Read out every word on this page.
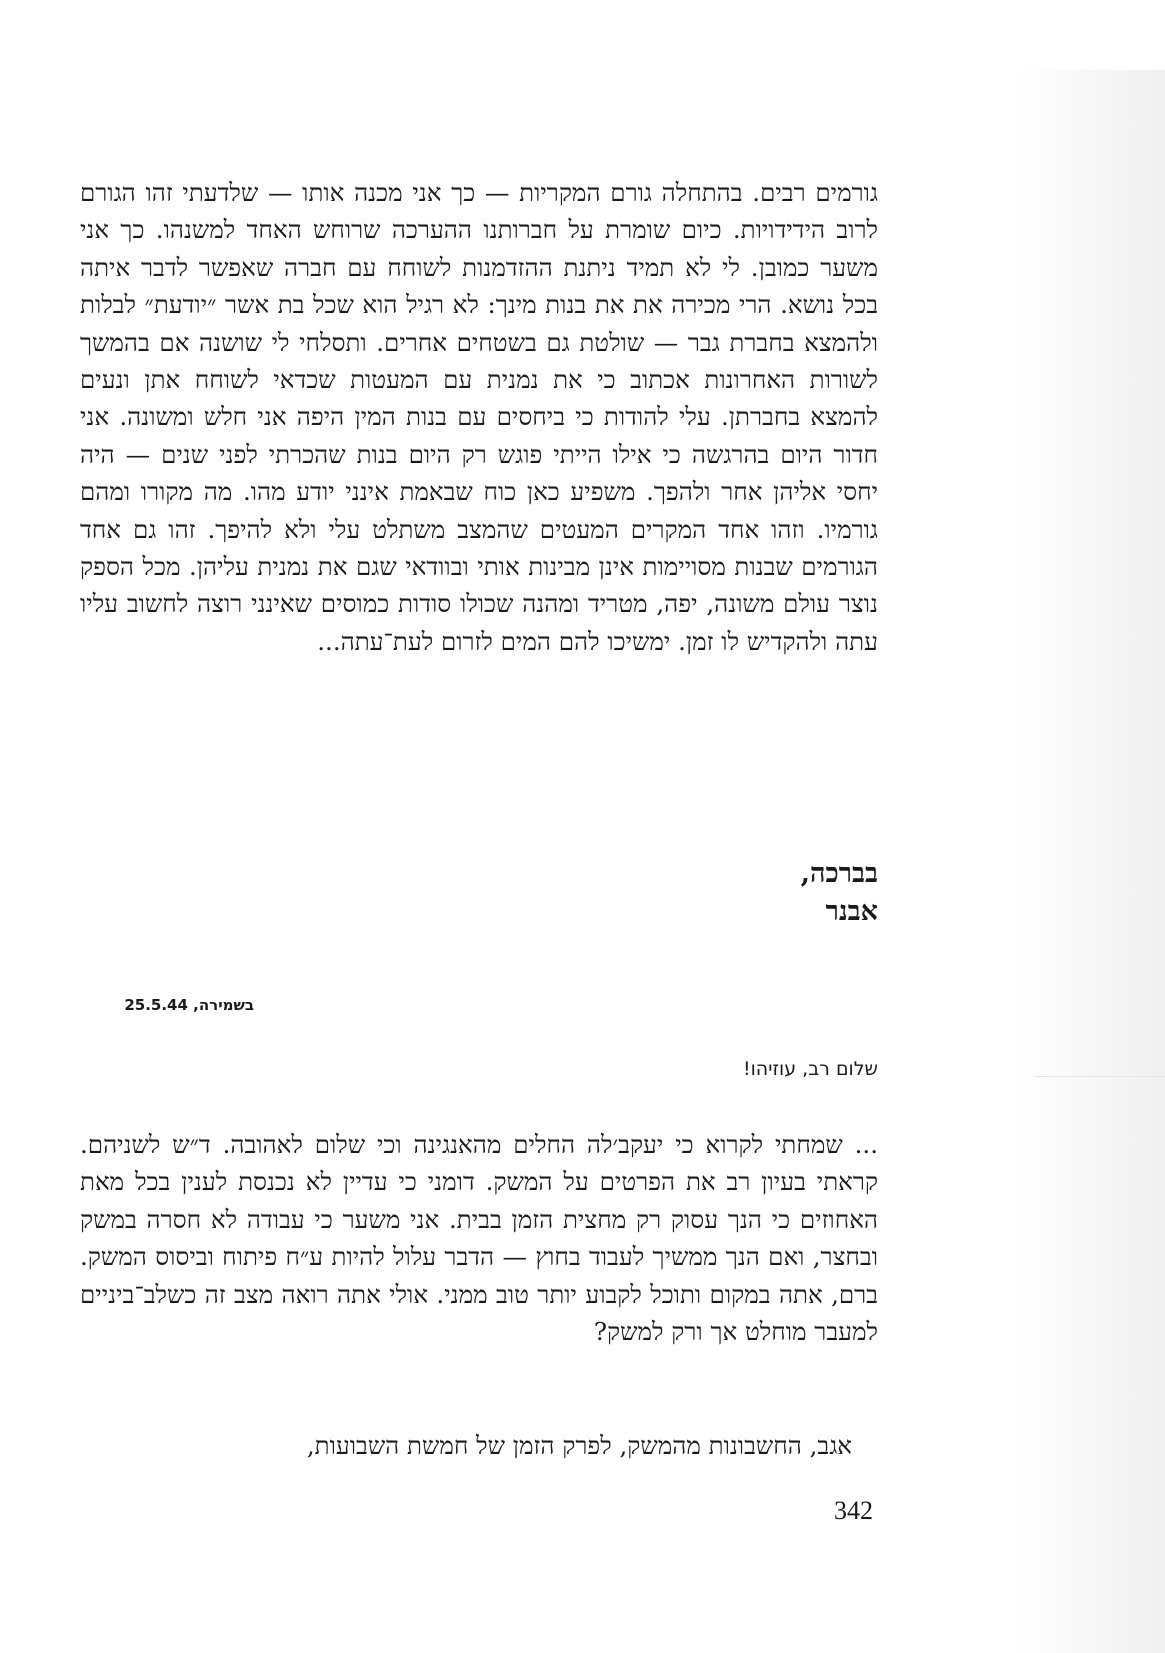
גורמים רבים. בהתחלה גורם המקריות — כך אני מכנה אותו — שלדעתי זהו הגורם לרוב הידידויות. כיום שומרת על חברותנו ההערכה שרוחש האחד למשנהו. כך אני משער כמובן. לי לא תמיד ניתנת ההזדמנות לשוחח עם חברה שאפשר לדבר איתה בכל נושא. הרי מכירה את את בנות מינך: לא רגיל הוא שכל בת אשר ״יודעת״ לבלות ולהמצא בחברת גבר — שולטת גם בשטחים אחרים. ותסלחי לי שושנה אם בהמשך לשורות האחרונות אכתוב כי את נמנית עם המעטות שכדאי לשוחח אתן ונעים להמצא בחברתן. עלי להודות כי ביחסים עם בנות המין היפה אני חלש ומשונה. אני חדור היום בהרגשה כי אילו הייתי פוגש רק היום בנות שהכרתי לפני שנים — היה יחסי אליהן אחר ולהפך. משפיע כאן כוח שבאמת אינני יודע מהו. מה מקורו ומהם גורמיו. וזהו אחד המקרים המעטים שהמצב משתלט עלי ולא להיפך. זהו גם אחד הגורמים שבנות מסויימות אינן מבינות אותי ובוודאי שגם את נמנית עליהן. מכל הספק נוצר עולם משונה, יפה, מטריד ומהנה שכולו סודות כמוסים שאינני רוצה לחשוב עליו עתה ולהקדיש לו זמן. ימשיכו להם המים לזרום לעת־עתה...

בברכה,
אבנר
בשמירה, 25.5.44
שלום רב, עוזיהו!

... שמחתי לקרוא כי יעקב׳לה החלים מהאנגינה וכי שלום לאהובה. ד״ש לשניהם. קראתי בעיון רב את הפרטים על המשק. דומני כי עדיין לא נכנסת לענין בכל מאת האחוזים כי הנך עסוק רק מחצית הזמן בבית. אני משער כי עבודה לא חסרה במשק ובחצר, ואם הנך ממשיך לעבוד בחוץ — הדבר עלול להיות ע״ח פיתוח וביסוס המשק. ברם, אתה במקום ותוכל לקבוע יותר טוב ממני. אולי אתה רואה מצב זה כשלב־ביניים למעבר מוחלט אך ורק למשק?

אגב, החשבונות מהמשק, לפרק הזמן של חמשת השבועות,

342
